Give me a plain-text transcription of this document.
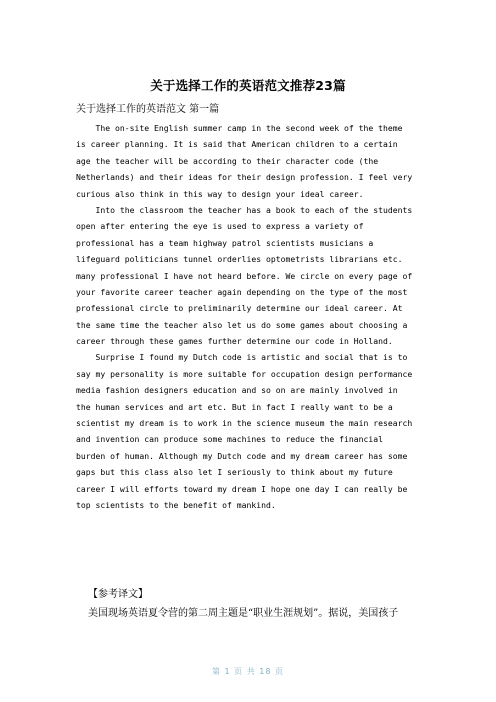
关于选择工作的英语范文推荐23篇
关于选择工作的英语范文 第一篇
The on-site English summer camp in the second week of the theme
is career planning. It is said that American children to a certain
age the teacher will be according to their character code (the
Netherlands) and their ideas for their design profession. I feel very
curious also think in this way to design your ideal career.
Into the classroom the teacher has a book to each of the students
open after entering the eye is used to express a variety of
professional has a team highway patrol scientists musicians a
lifeguard politicians tunnel orderlies optometrists librarians etc.
many professional I have not heard before. We circle on every page of
your favorite career teacher again depending on the type of the most
professional circle to preliminarily determine our ideal career. At
the same time the teacher also let us do some games about choosing a
career through these games further determine our code in Holland.
Surprise I found my Dutch code is artistic and social that is to
say my personality is more suitable for occupation design performance
media fashion designers education and so on are mainly involved in
the human services and art etc. But in fact I really want to be a
scientist my dream is to work in the science museum the main research
and invention can produce some machines to reduce the financial
burden of human. Although my Dutch code and my dream career has some
gaps but this class also let I seriously to think about my future
career I will efforts toward my dream I hope one day I can really be
top scientists to the benefit of mankind.
【参考译文】
美国现场英语夏令营的第二周主题是“职业生涯规划”。据说，美国孩子
第 1 页 共 18 页
